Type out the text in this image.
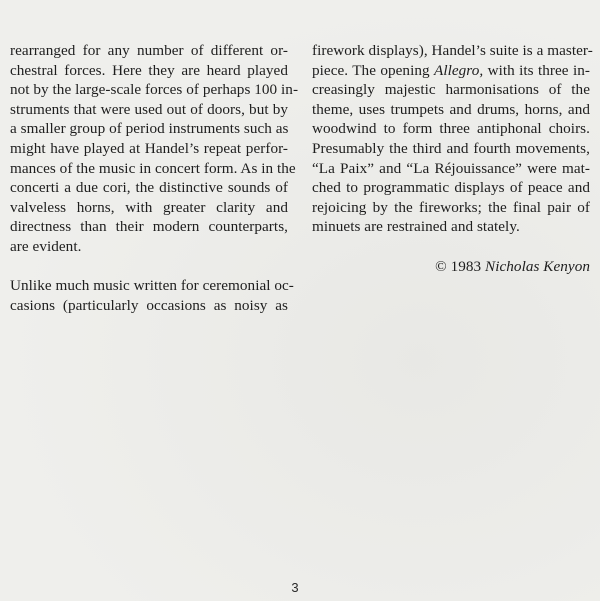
rearranged for any number of different or-
chestral forces. Here they are heard played
not by the large-scale forces of perhaps 100 in-
struments that were used out of doors, but by
a smaller group of period instruments such as
might have played at Handel’s repeat perfor-
mances of the music in concert form. As in the
concerti a due cori, the distinctive sounds of
valveless horns, with greater clarity and
directness than their modern counterparts,
are evident.

Unlike much music written for ceremonial oc-
casions (particularly occasions as noisy as

firework displays), Handel’s suite is a master-
piece. The opening Allegro, with its three in-
creasingly majestic harmonisations of the
theme, uses trumpets and drums, horns, and
woodwind to form three antiphonal choirs.
Presumably the third and fourth movements,
“La Paix” and “La Réjouissance” were mat-
ched to programmatic displays of peace and
rejoicing by the fireworks; the final pair of
minuets are restrained and stately.

© 1983 Nicholas Kenyon
3
